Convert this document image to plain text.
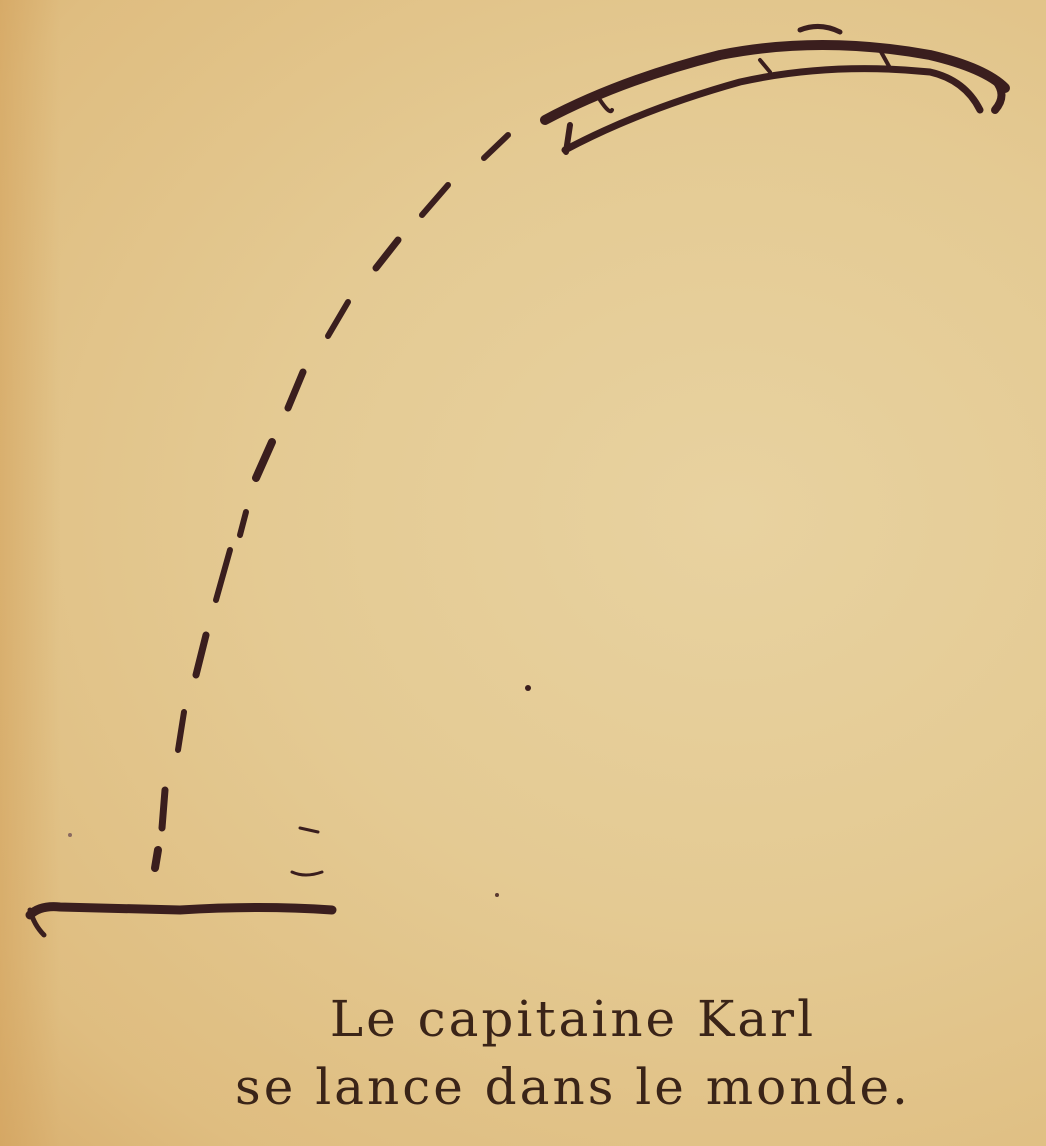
Le capitaine Karl
se lance dans le monde.
